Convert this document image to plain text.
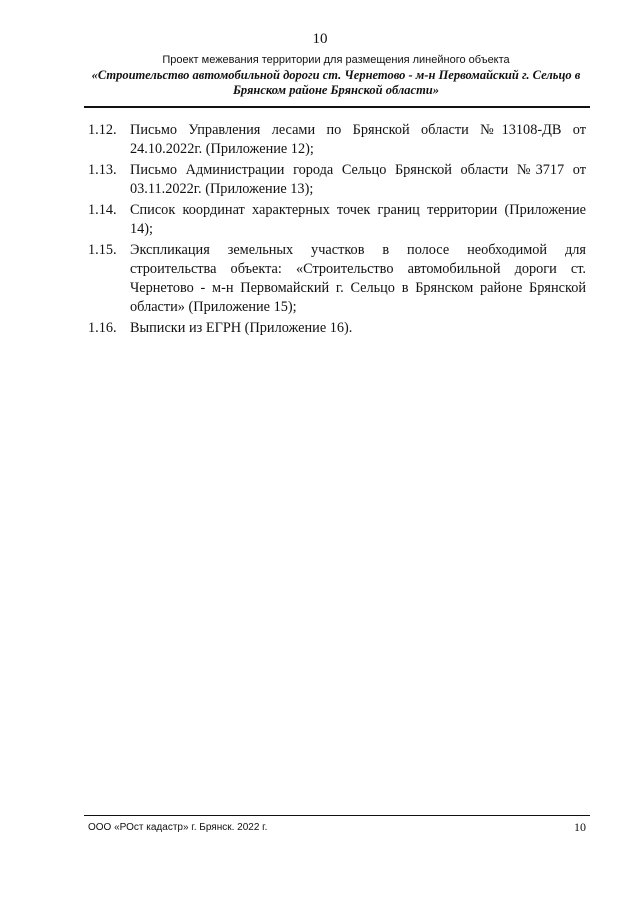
10
Проект межевания территории для размещения линейного объекта
«Строительство автомобильной дороги ст. Чернетово - м-н Первомайский г. Сельцо в
Брянском районе Брянской области»
1.12. Письмо Управления лесами по Брянской области №13108-ДВ от 24.10.2022г. (Приложение 12);
1.13. Письмо Администрации города Сельцо Брянской области №3717 от 03.11.2022г. (Приложение 13);
1.14. Список координат характерных точек границ территории (Приложение 14);
1.15. Экспликация земельных участков в полосе необходимой для строительства объекта: «Строительство автомобильной дороги ст. Чернетово - м-н Первомайский г. Сельцо в Брянском районе Брянской области» (Приложение 15);
1.16. Выписки из ЕГРН (Приложение 16).
ООО «РОст кадастр» г. Брянск. 2022 г.	10
